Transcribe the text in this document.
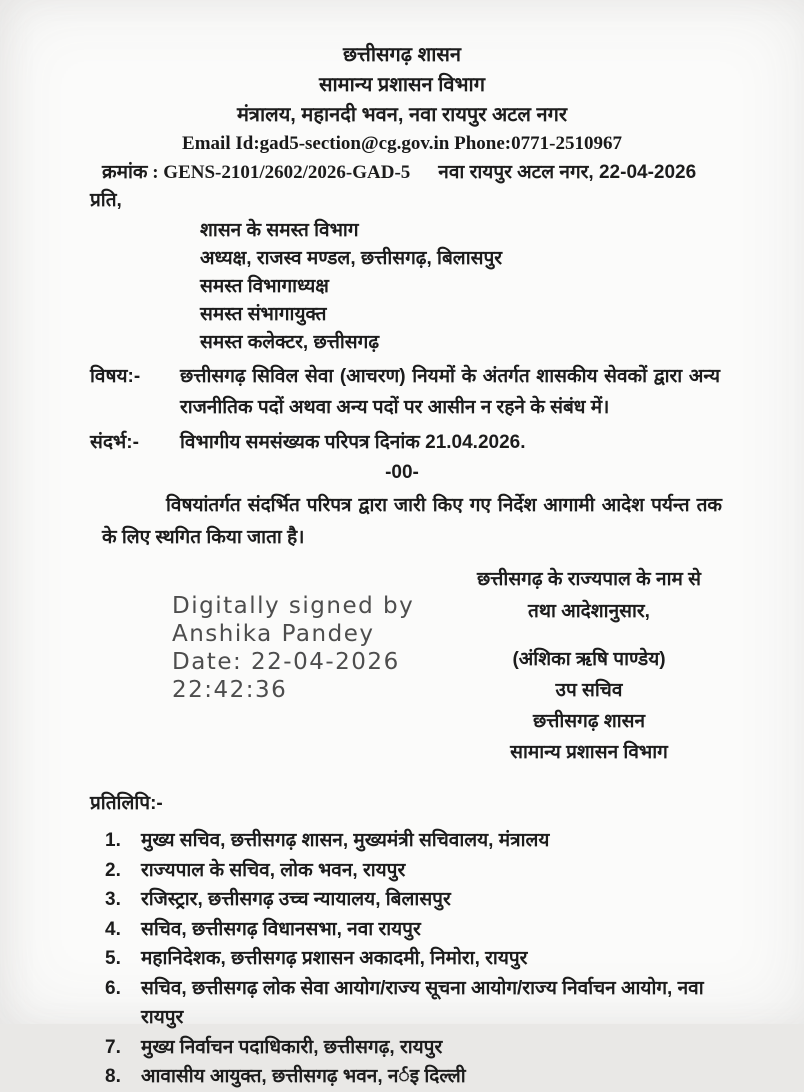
छत्तीसगढ़ शासन
सामान्य प्रशासन विभाग
मंत्रालय, महानदी भवन, नवा रायपुर अटल नगर
Email Id:gad5-section@cg.gov.in Phone:0771-2510967
क्रमांक : GENS-2101/2602/2026-GAD-5 नवा रायपुर अटल नगर, 22-04-2026
प्रति,
शासन के समस्त विभाग
अध्यक्ष, राजस्व मण्डल, छत्तीसगढ़, बिलासपुर
समस्त विभागाध्यक्ष
समस्त संभागायुक्त
समस्त कलेक्टर, छत्तीसगढ़
विषय:-	छत्तीसगढ़ सिविल सेवा (आचरण) नियमों के अंतर्गत शासकीय सेवकों द्वारा अन्य राजनीतिक पदों अथवा अन्य पदों पर आसीन न रहने के संबंध में।
संदर्भ:-	विभागीय समसंख्यक परिपत्र दिनांक 21.04.2026.
-00-
विषयांतर्गत संदर्भित परिपत्र द्वारा जारी किए गए निर्देश आगामी आदेश पर्यन्त तक के लिए स्थगित किया जाता है।
Digitally signed by
Anshika Pandey
Date: 22-04-2026
22:42:36
छत्तीसगढ़ के राज्यपाल के नाम से
तथा आदेशानुसार,
(अंशिका ऋषि पाण्डेय)
उप सचिव
छत्तीसगढ़ शासन
सामान्य प्रशासन विभाग
प्रतिलिपि:-
1.	मुख्य सचिव, छत्तीसगढ़ शासन, मुख्यमंत्री सचिवालय, मंत्रालय
2.	राज्यपाल के सचिव, लोक भवन, रायपुर
3.	रजिस्ट्रार, छत्तीसगढ़ उच्च न्यायालय, बिलासपुर
4.	सचिव, छत्तीसगढ़ विधानसभा, नवा रायपुर
5.	महानिदेशक, छत्तीसगढ़ प्रशासन अकादमी, निमोरा, रायपुर
6.	सचिव, छत्तीसगढ़ लोक सेवा आयोग/राज्य सूचना आयोग/राज्य निर्वाचन आयोग, नवा रायपुर
7.	मुख्य निर्वाचन पदाधिकारी, छत्तीसगढ़, रायपुर
8.	आवासीय आयुक्त, छत्तीसगढ़ भवन, नर्इ दिल्ली
